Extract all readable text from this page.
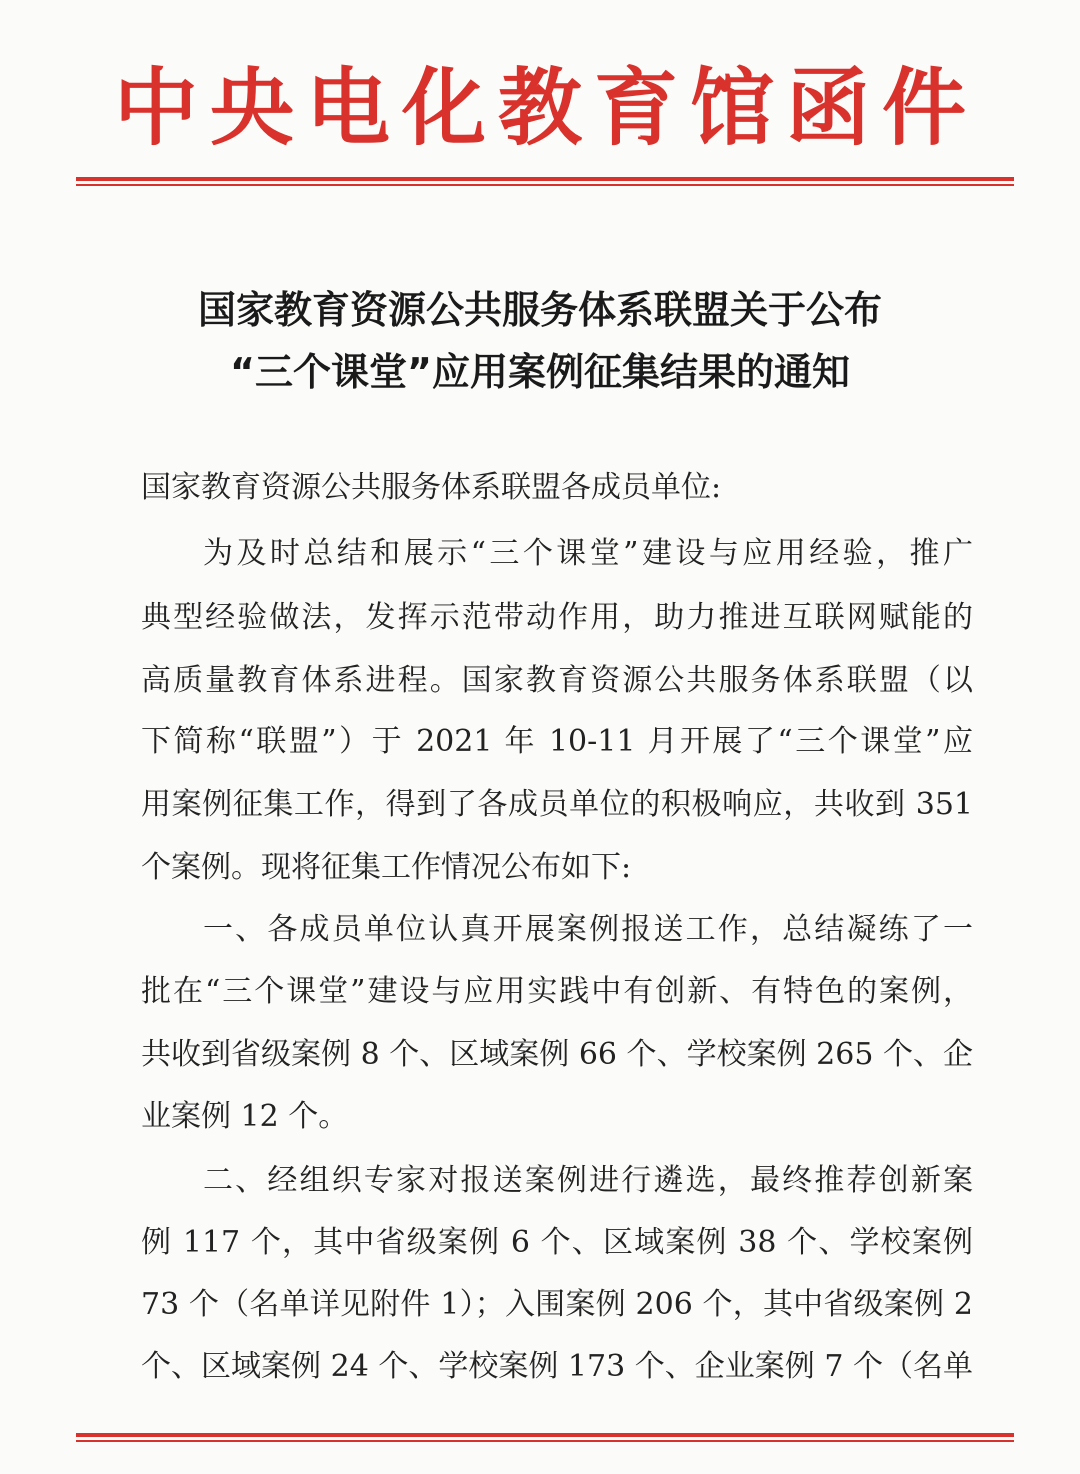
中央电化教育馆函件
国家教育资源公共服务体系联盟关于公布
“三个课堂”应用案例征集结果的通知
国家教育资源公共服务体系联盟各成员单位:
为及时总结和展示“三个课堂”建设与应用经验，推广
典型经验做法，发挥示范带动作用，助力推进互联网赋能的
高质量教育体系进程。国家教育资源公共服务体系联盟（以
下简称“联盟”）于 2021 年 10-11 月开展了“三个课堂”应
用案例征集工作，得到了各成员单位的积极响应，共收到 351
个案例。现将征集工作情况公布如下:
一、各成员单位认真开展案例报送工作，总结凝练了一
批在“三个课堂”建设与应用实践中有创新、有特色的案例，
共收到省级案例 8 个、区域案例 66 个、学校案例 265 个、企
业案例 12 个。
二、经组织专家对报送案例进行遴选，最终推荐创新案
例 117 个，其中省级案例 6 个、区域案例 38 个、学校案例
73 个（名单详见附件 1）；入围案例 206 个，其中省级案例 2
个、区域案例 24 个、学校案例 173 个、企业案例 7 个（名单
